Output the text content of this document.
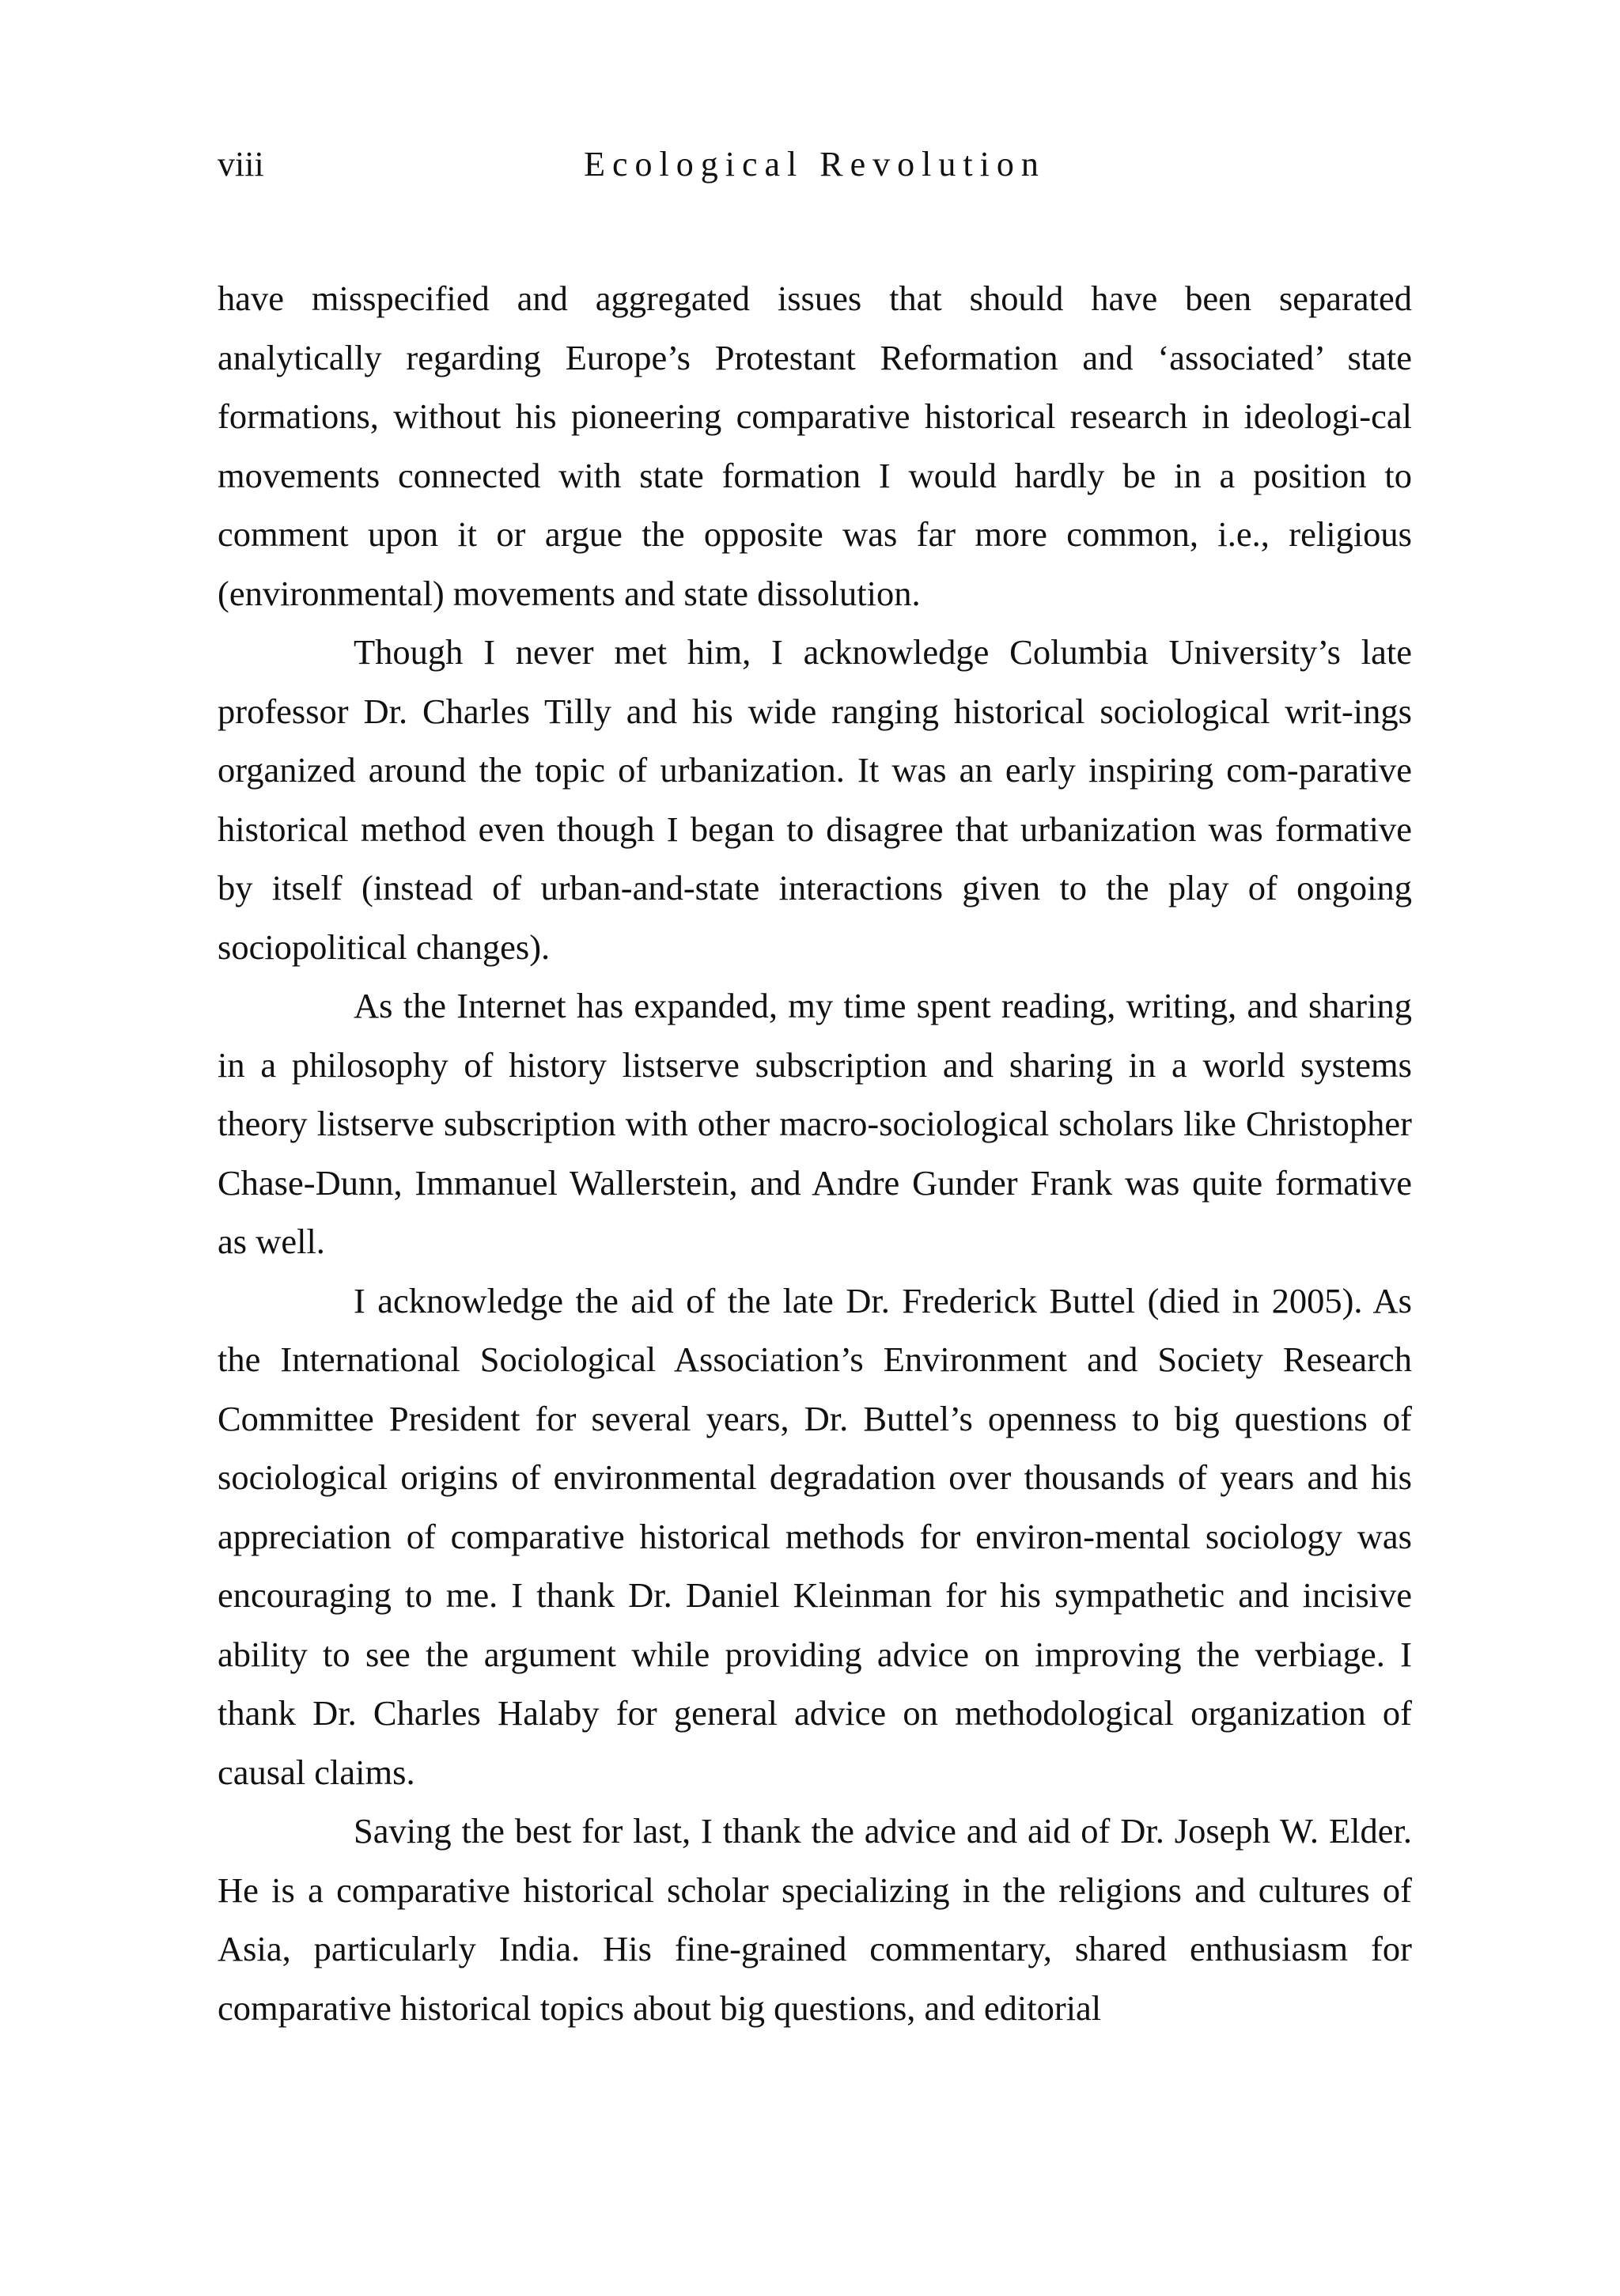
viii	Ecological Revolution

have misspecified and aggregated issues that should have been separated analytically regarding Europe’s Protestant Reformation and ‘associated’ state formations, without his pioneering comparative historical research in ideologi-cal movements connected with state formation I would hardly be in a position to comment upon it or argue the opposite was far more common, i.e., religious (environmental) movements and state dissolution.

Though I never met him, I acknowledge Columbia University’s late professor Dr. Charles Tilly and his wide ranging historical sociological writ-ings organized around the topic of urbanization. It was an early inspiring com-parative historical method even though I began to disagree that urbanization was formative by itself (instead of urban-and-state interactions given to the play of ongoing sociopolitical changes).

As the Internet has expanded, my time spent reading, writing, and sharing in a philosophy of history listserve subscription and sharing in a world systems theory listserve subscription with other macro-sociological scholars like Christopher Chase-Dunn, Immanuel Wallerstein, and Andre Gunder Frank was quite formative as well.

I acknowledge the aid of the late Dr. Frederick Buttel (died in 2005). As the International Sociological Association’s Environment and Society Research Committee President for several years, Dr. Buttel’s openness to big questions of sociological origins of environmental degradation over thousands of years and his appreciation of comparative historical methods for environ-mental sociology was encouraging to me. I thank Dr. Daniel Kleinman for his sympathetic and incisive ability to see the argument while providing advice on improving the verbiage. I thank Dr. Charles Halaby for general advice on methodological organization of causal claims.

Saving the best for last, I thank the advice and aid of Dr. Joseph W. Elder. He is a comparative historical scholar specializing in the religions and cultures of Asia, particularly India. His fine-grained commentary, shared enthusiasm for comparative historical topics about big questions, and editorial
